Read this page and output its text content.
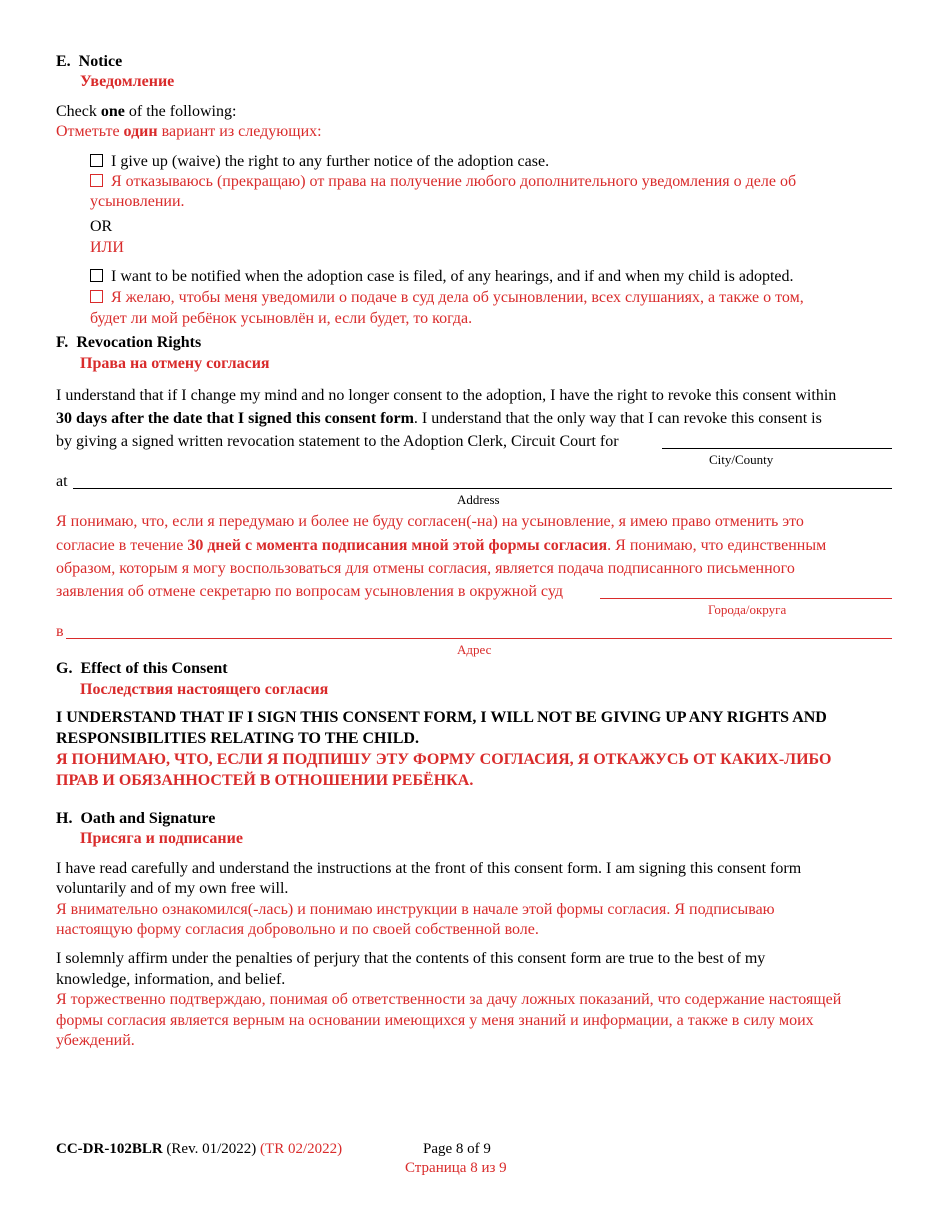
E. Notice
Уведомление
Check one of the following:
Отметьте один вариант из следующих:
I give up (waive) the right to any further notice of the adoption case.
Я отказываюсь (прекращаю) от права на получение любого дополнительного уведомления о деле об
усыновлении.
OR
ИЛИ
I want to be notified when the adoption case is filed, of any hearings, and if and when my child is adopted.
Я желаю, чтобы меня уведомили о подаче в суд дела об усыновлении, всех слушаниях, а также о том,
будет ли мой ребёнок усыновлён и, если будет, то когда.
F. Revocation Rights
Права на отмену согласия
I understand that if I change my mind and no longer consent to the adoption, I have the right to revoke this consent within
30 days after the date that I signed this consent form. I understand that the only way that I can revoke this consent is
by giving a signed written revocation statement to the Adoption Clerk, Circuit Court for
City/County
at
Address
Я понимаю, что, если я передумаю и более не буду согласен(-на) на усыновление, я имею право отменить это
согласие в течение 30 дней с момента подписания мной этой формы согласия. Я понимаю, что единственным
образом, которым я могу воспользоваться для отмены согласия, является подача подписанного письменного
заявления об отмене секретарю по вопросам усыновления в окружной суд
Города/округа
в
Адрес
G. Effect of this Consent
Последствия настоящего согласия
I UNDERSTAND THAT IF I SIGN THIS CONSENT FORM, I WILL NOT BE GIVING UP ANY RIGHTS AND
RESPONSIBILITIES RELATING TO THE CHILD.
Я ПОНИМАЮ, ЧТО, ЕСЛИ Я ПОДПИШУ ЭТУ ФОРМУ СОГЛАСИЯ, Я ОТКАЖУСЬ ОТ КАКИХ-ЛИБО
ПРАВ И ОБЯЗАННОСТЕЙ В ОТНОШЕНИИ РЕБЁНКА.
H. Oath and Signature
Присяга и подписание
I have read carefully and understand the instructions at the front of this consent form. I am signing this consent form
voluntarily and of my own free will.
Я внимательно ознакомился(-лась) и понимаю инструкции в начале этой формы согласия. Я подписываю
настоящую форму согласия добровольно и по своей собственной воле.
I solemnly affirm under the penalties of perjury that the contents of this consent form are true to the best of my
knowledge, information, and belief.
Я торжественно подтверждаю, понимая об ответственности за дачу ложных показаний, что содержание настоящей
формы согласия является верным на основании имеющихся у меня знаний и информации, а также в силу моих
убеждений.
CC-DR-102BLR (Rev. 01/2022) (TR 02/2022)	Page 8 of 9
Страница 8 из 9
